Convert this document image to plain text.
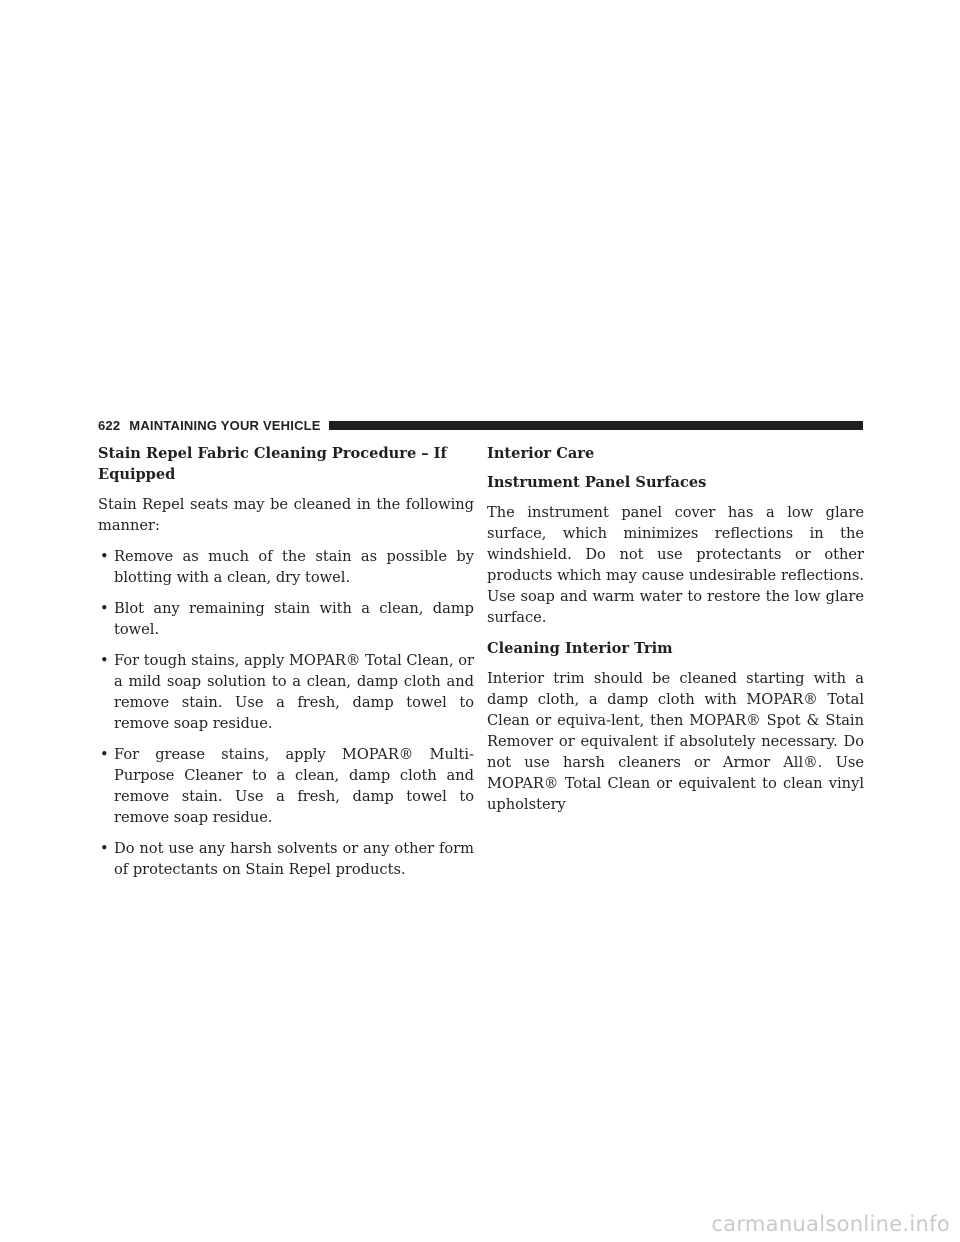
622 MAINTAINING YOUR VEHICLE
Stain Repel Fabric Cleaning Procedure – If Equipped

Stain Repel seats may be cleaned in the following manner:

• Remove as much of the stain as possible by blotting with a clean, dry towel.
• Blot any remaining stain with a clean, damp towel.
• For tough stains, apply MOPAR® Total Clean, or a mild soap solution to a clean, damp cloth and remove stain. Use a fresh, damp towel to remove soap residue.
• For grease stains, apply MOPAR® Multi-Purpose Cleaner to a clean, damp cloth and remove stain. Use a fresh, damp towel to remove soap residue.
• Do not use any harsh solvents or any other form of protectants on Stain Repel products.
Interior Care
Instrument Panel Surfaces

The instrument panel cover has a low glare surface, which minimizes reflections in the windshield. Do not use protectants or other products which may cause undesirable reflections. Use soap and warm water to restore the low glare surface.

Cleaning Interior Trim

Interior trim should be cleaned starting with a damp cloth, a damp cloth with MOPAR® Total Clean or equiva-lent, then MOPAR® Spot & Stain Remover or equivalent if absolutely necessary. Do not use harsh cleaners or Armor All®. Use MOPAR® Total Clean or equivalent to clean vinyl upholstery

carmanualsonline.info
